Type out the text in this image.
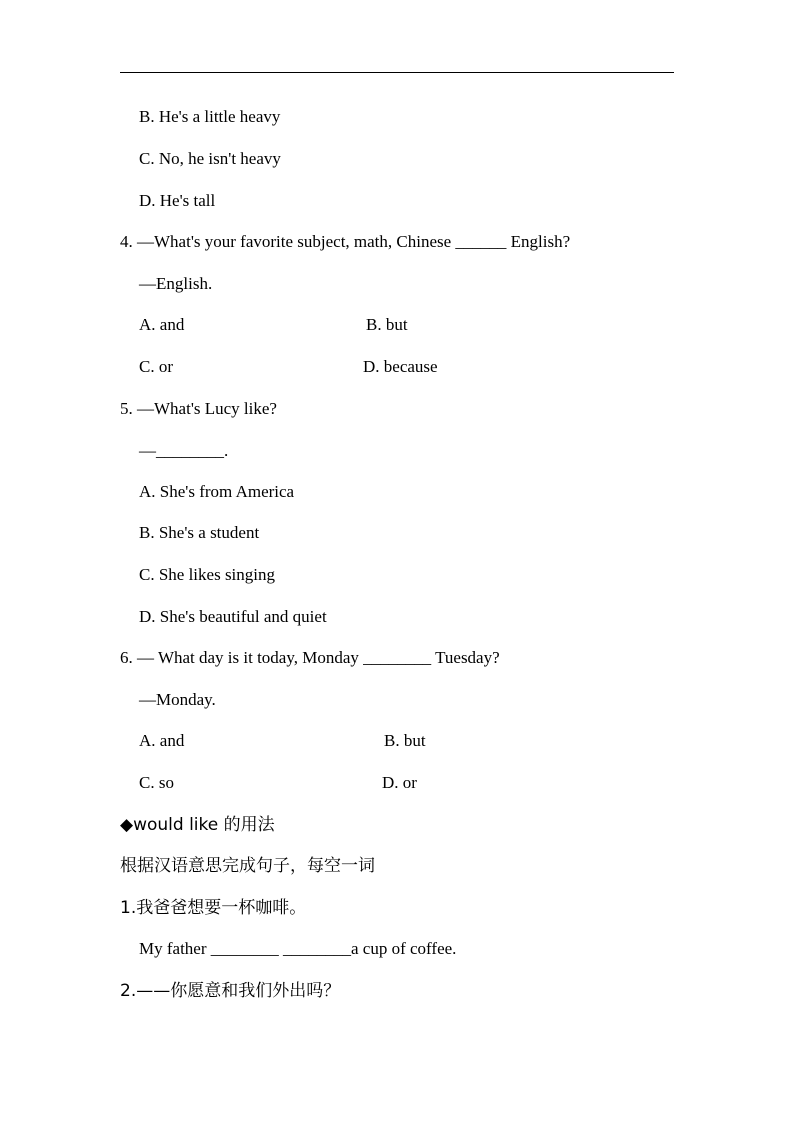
B. He's a little heavy
C. No, he isn't heavy
D. He's tall
4. —What's your favorite subject, math, Chinese ______ English?
—English.
A. and	B. but
C. or	D. because
5. —What's Lucy like?
—________.
A. She's from America
B. She's a student
C. She likes singing
D. She's beautiful and quiet
6. — What day is it today, Monday ________ Tuesday?
—Monday.
A. and	B. but
C. so	D. or
◆would like 的用法
根据汉语意思完成句子，每空一词
1.我爸爸想要一杯咖啡。
My father ________ ________a cup of coffee.
2.——你愿意和我们外出吗？
